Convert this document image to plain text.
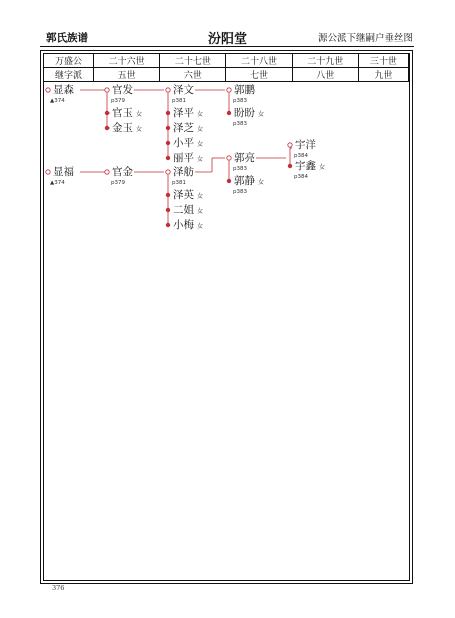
郭氏族谱	汾阳堂	源公派下继嗣户垂丝图
万盛公	二十六世	二十七世	二十八世	二十九世	三十世
继字派	五世	六世	七世	八世	九世
显森
▲374
官发
p379
官玉 女
金玉 女
泽文
p381
泽平 女
泽芝 女
小平 女
丽平 女
郭鹏
p383
盼盼 女
p383
显福
▲374
官金
p379
泽舫
p381
泽英 女
二姐 女
小梅 女
郭亮
p383
郭静 女
p383
宇洋
p384
宇鑫 女
p384
376
